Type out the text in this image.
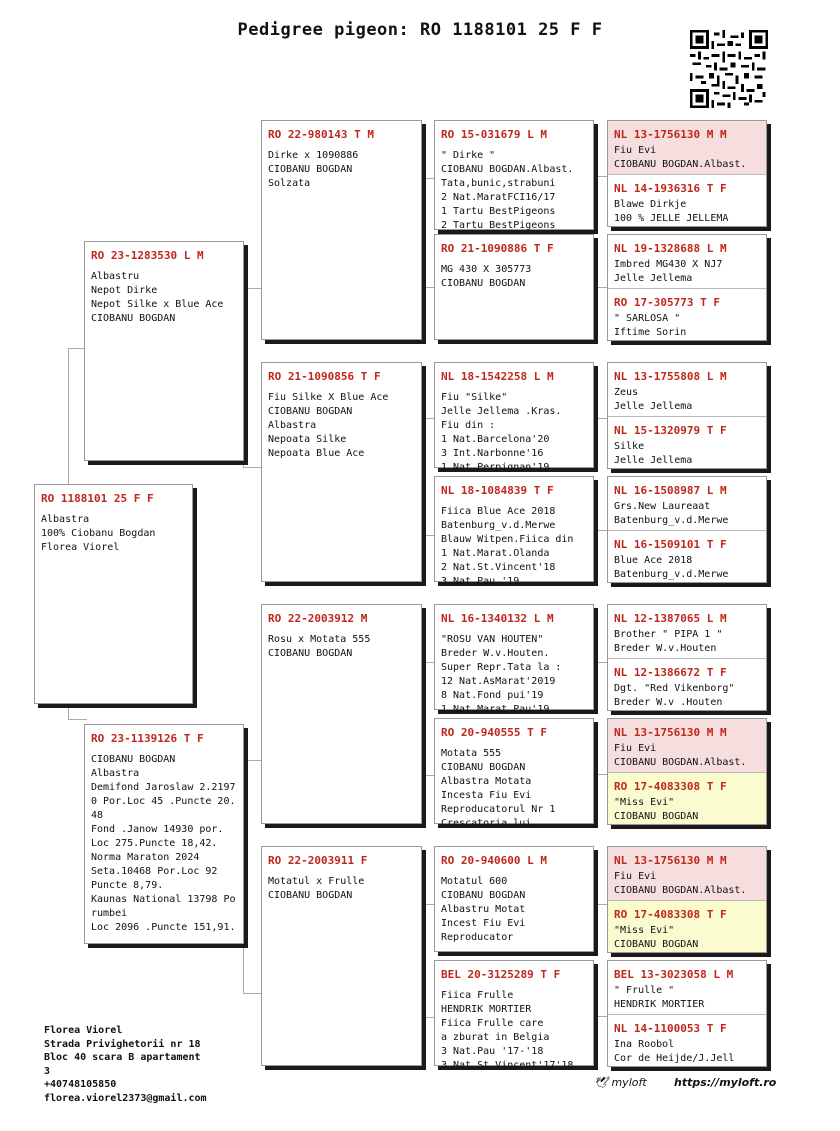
Pedigree pigeon: RO 1188101 25 F F
RO 1188101 25 F F
Albastra
100% Ciobanu Bogdan
Florea Viorel
RO 23-1283530 L M
Albastru
Nepot Dirke
Nepot Silke x Blue Ace
CIOBANU BOGDAN
RO 23-1139126 T F
CIOBANU BOGDAN
Albastra
Demifond Jaroslaw 2.2197
0 Por.Loc 45 .Puncte 20.
48
Fond .Janow 14930 por.
Loc 275.Puncte 18,42.
Norma Maraton 2024
Seta.10468 Por.Loc 92
Puncte 8,79.
Kaunas National 13798 Po
rumbei
Loc 2096 .Puncte 151,91.
RO 22-980143 T M
Dirke x 1090886
CIOBANU BOGDAN
Solzata
RO 21-1090856 T F
Fiu Silke X Blue Ace
CIOBANU BOGDAN
Albastra
Nepoata Silke
Nepoata Blue Ace
RO 22-2003912 M
Rosu x Motata 555
CIOBANU BOGDAN
RO 22-2003911 F
Motatul x Frulle
CIOBANU BOGDAN
RO 15-031679 L M
" Dirke "
CIOBANU BOGDAN.Albast.
Tata,bunic,strabuni
2 Nat.MaratFCI16/17
1 Tartu BestPigeons
2 Tartu BestPigeons
RO 21-1090886 T F
MG 430 X 305773
CIOBANU BOGDAN
NL 18-1542258 L M
Fiu "Silke"
Jelle Jellema .Kras.
Fiu din :
1 Nat.Barcelona'20
3 Int.Narbonne'16
1 Nat.Perpignan'19
NL 18-1084839 T F
Fiica Blue Ace 2018
Batenburg_v.d.Merwe
Blauw Witpen.Fiica din
1 Nat.Marat.Olanda
2 Nat.St.Vincent'18
3 Nat.Pau '19
NL 16-1340132 L M
"ROSU VAN HOUTEN"
Breder W.v.Houten.
Super Repr.Tata la :
12 Nat.AsMarat'2019
8 Nat.Fond pui'19
1 Nat.Marat.Pau'19
RO 20-940555 T F
Motata 555
CIOBANU BOGDAN
Albastra Motata
Incesta Fiu Evi
Reproducatorul Nr 1
Crescatoria lui
RO 20-940600 L M
Motatul 600
CIOBANU BOGDAN
Albastru Motat
Incest Fiu Evi
Reproducator
BEL 20-3125289 T F
Fiica Frulle
HENDRIK MORTIER
Fiica Frulle care
a zburat in Belgia
3 Nat.Pau '17-'18
3 Nat.St.Vincent'17'18
NL 13-1756130 M M
Fiu Evi
CIOBANU BOGDAN.Albast.
NL 14-1936316 T F
Blawe Dirkje
100 % JELLE JELLEMA
NL 19-1328688 L M
Imbred MG430 X NJ7
Jelle Jellema
RO 17-305773 T F
" SARLOSA "
Iftime Sorin
NL 13-1755808 L M
Zeus
Jelle Jellema
NL 15-1320979 T F
Silke
Jelle Jellema
NL 16-1508987 L M
Grs.New Laureaat
Batenburg_v.d.Merwe
NL 16-1509101 T F
Blue Ace 2018
Batenburg_v.d.Merwe
NL 12-1387065 L M
Brother " PIPA 1 "
Breder W.v.Houten
NL 12-1386672 T F
Dgt. "Red Vikenborg"
Breder W.v .Houten
NL 13-1756130 M M
Fiu Evi
CIOBANU BOGDAN.Albast.
RO 17-4083308 T F
"Miss Evi"
CIOBANU BOGDAN
NL 13-1756130 M M
Fiu Evi
CIOBANU BOGDAN.Albast.
RO 17-4083308 T F
"Miss Evi"
CIOBANU BOGDAN
BEL 13-3023058 L M
" Frulle "
HENDRIK MORTIER
NL 14-1100053 T F
Ina Roobol
Cor de Heijde/J.Jell
Florea Viorel
Strada Privighetorii nr 18
Bloc 40 scara B apartament
3
+40748105850
florea.viorel2373@gmail.com
🕊 myloft https://myloft.ro
